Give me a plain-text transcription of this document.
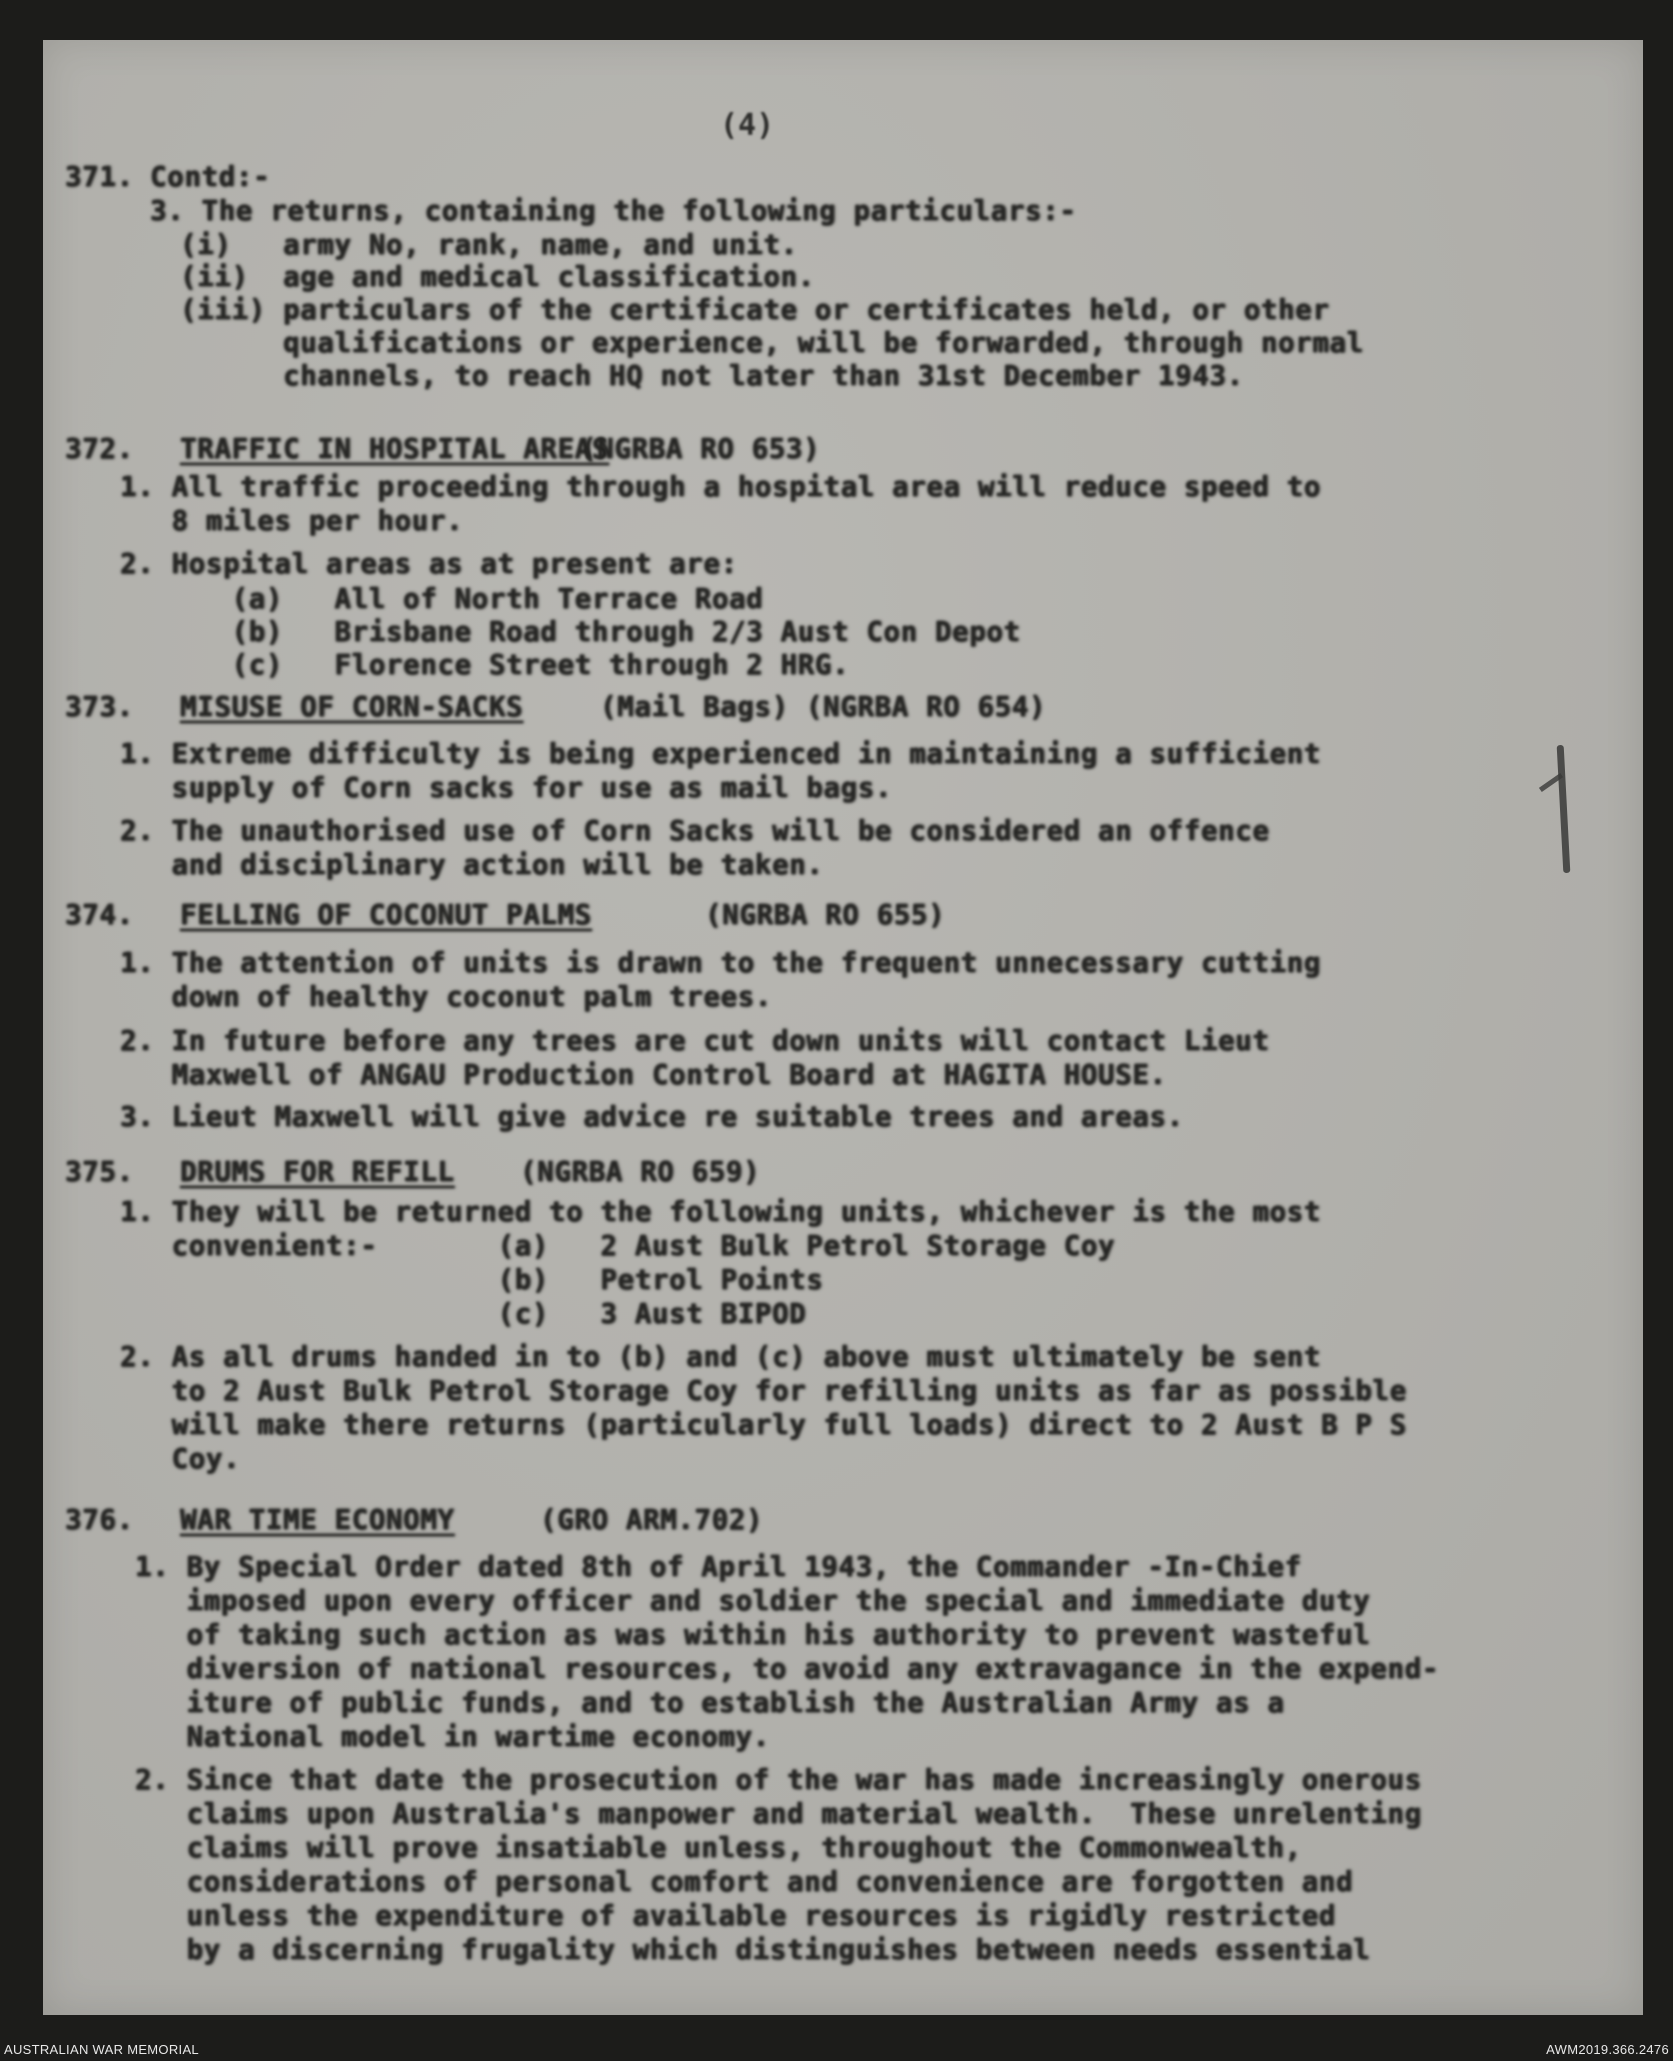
(4)
371. Contd:-
3. The returns, containing the following particulars:-
(i)   army No, rank, name, and unit.
(ii)  age and medical classification.
(iii) particulars of the certificate or certificates held, or other
qualifications or experience, will be forwarded, through normal
channels, to reach HQ not later than 31st December 1943.
372. TRAFFIC IN HOSPITAL AREAS
(NGRBA RO 653)
1. All traffic proceeding through a hospital area will reduce speed to
8 miles per hour.
2. Hospital areas as at present are:
(a)   All of North Terrace Road
(b)   Brisbane Road through 2/3 Aust Con Depot
(c)   Florence Street through 2 HRG.
373. MISUSE OF CORN-SACKS	(Mail Bags) (NGRBA RO 654)
1. Extreme difficulty is being experienced in maintaining a sufficient
supply of Corn sacks for use as mail bags.
2. The unauthorised use of Corn Sacks will be considered an offence
and disciplinary action will be taken.
374. FELLING OF COCONUT PALMS	(NGRBA RO 655)
1. The attention of units is drawn to the frequent unnecessary cutting
down of healthy coconut palm trees.
2. In future before any trees are cut down units will contact Lieut
Maxwell of ANGAU Production Control Board at HAGITA HOUSE.
3. Lieut Maxwell will give advice re suitable trees and areas.
375. DRUMS FOR REFILL (NGRBA RO 659)
1. They will be returned to the following units, whichever is the most
convenient:-       (a)   2 Aust Bulk Petrol Storage Coy
(b)   Petrol Points
(c)   3 Aust BIPOD
2. As all drums handed in to (b) and (c) above must ultimately be sent
to 2 Aust Bulk Petrol Storage Coy for refilling units as far as possible
will make there returns (particularly full loads) direct to 2 Aust B P S
Coy.
376. WAR TIME ECONOMY	(GRO ARM.702)
1. By Special Order dated 8th of April 1943, the Commander -In-Chief
imposed upon every officer and soldier the special and immediate duty
of taking such action as was within his authority to prevent wasteful
diversion of national resources, to avoid any extravagance in the expend-
iture of public funds, and to establish the Australian Army as a
National model in wartime economy.
2. Since that date the prosecution of the war has made increasingly onerous
claims upon Australia's manpower and material wealth.  These unrelenting
claims will prove insatiable unless, throughout the Commonwealth,
considerations of personal comfort and convenience are forgotten and
unless the expenditure of available resources is rigidly restricted
by a discerning frugality which distinguishes between needs essential
AUSTRALIAN WAR MEMORIAL	AWM2019.366.2476
